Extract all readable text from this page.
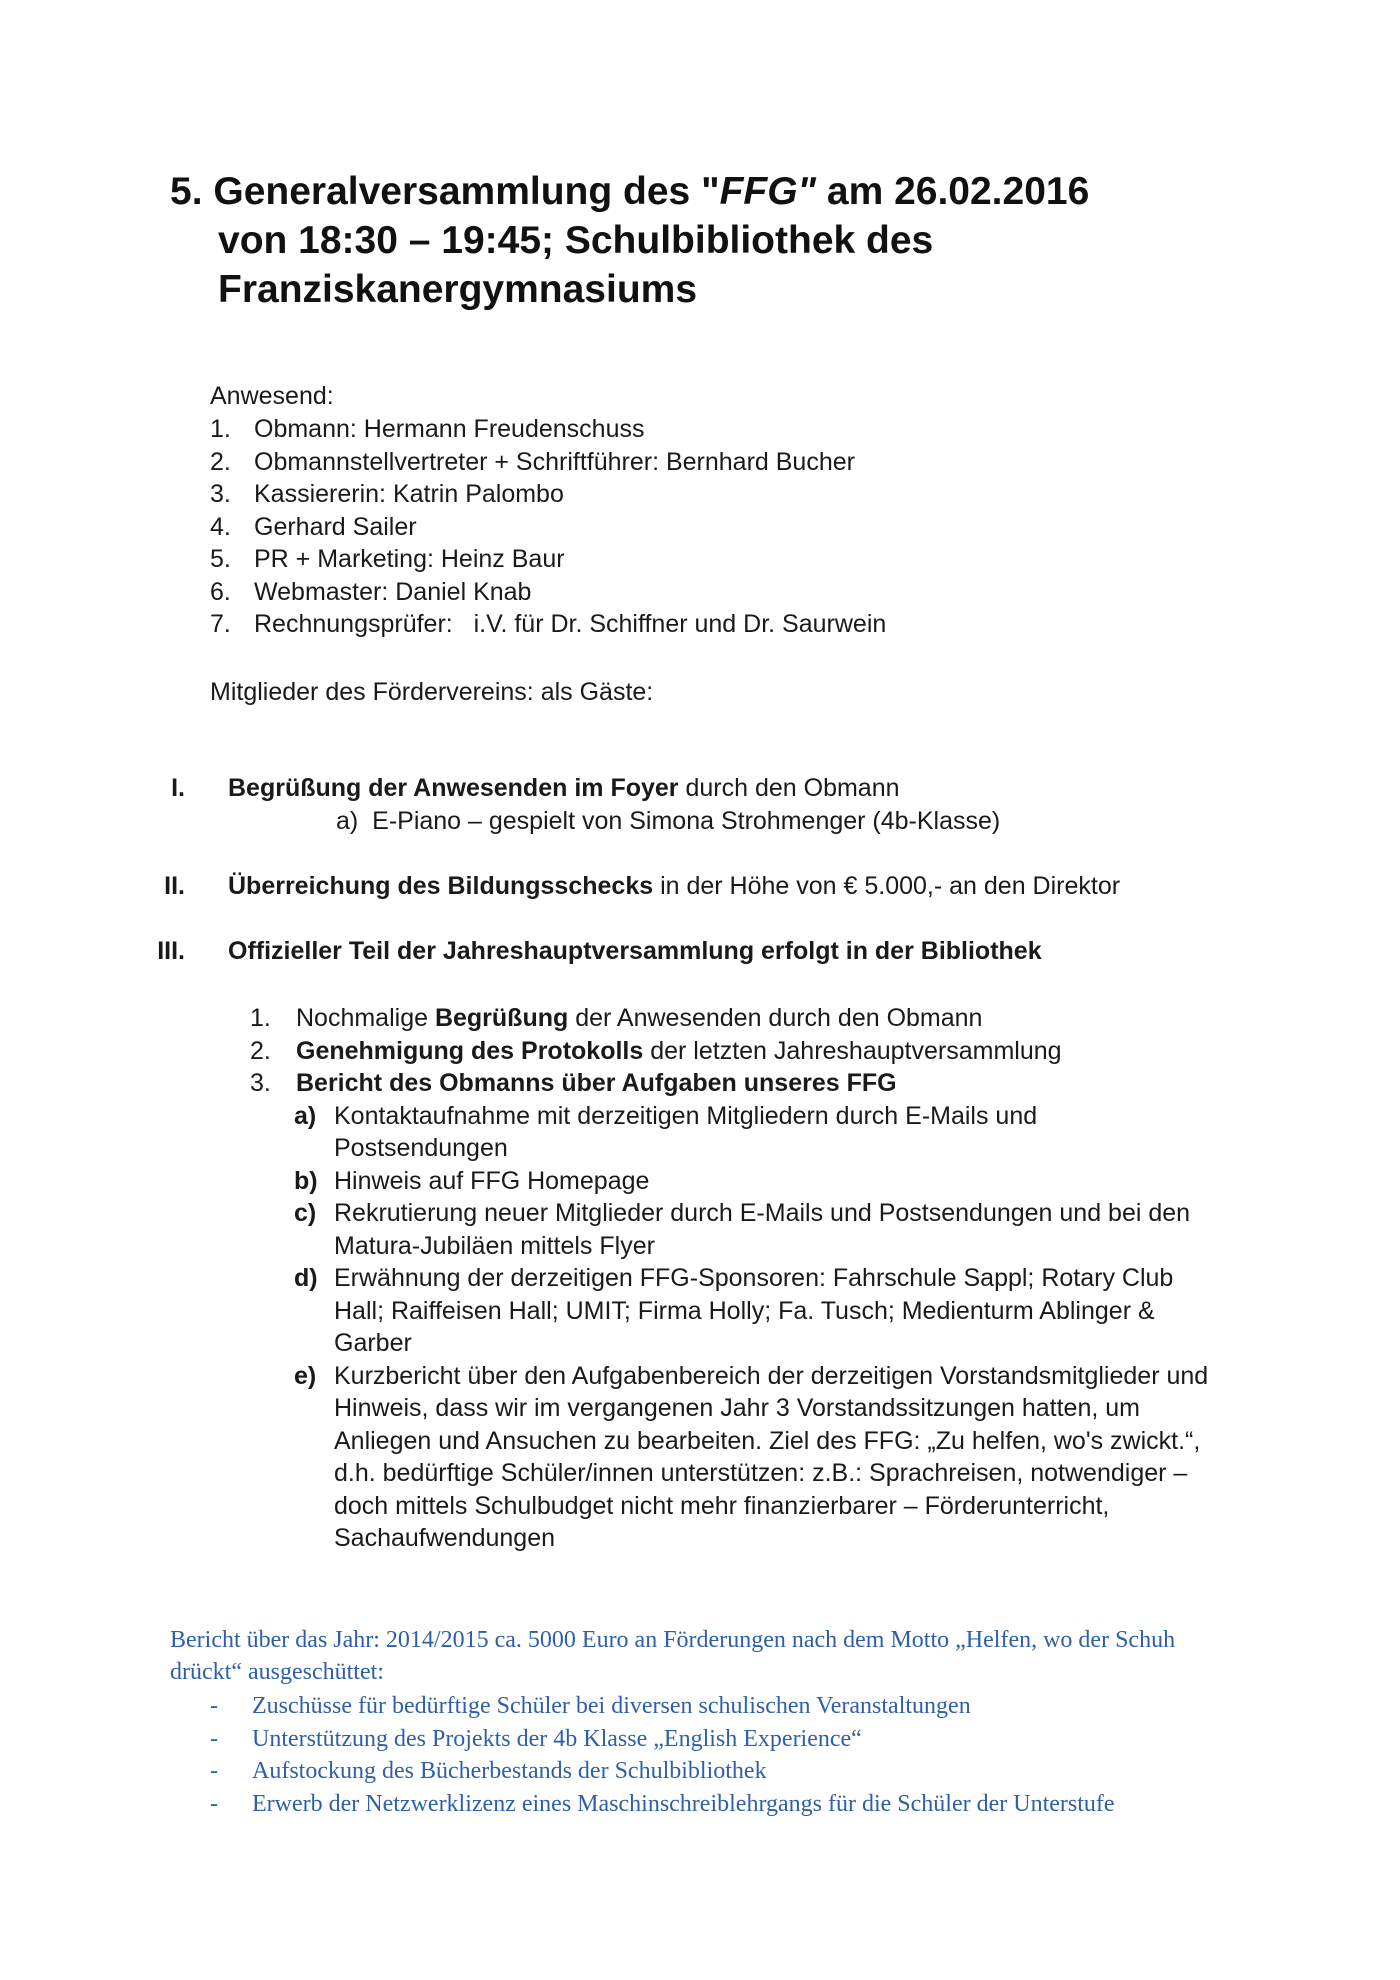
5. Generalversammlung des "FFG" am 26.02.2016
von 18:30 – 19:45; Schulbibliothek des
Franziskanergymnasiums
Anwesend:
1. Obmann: Hermann Freudenschuss
2. Obmannstellvertreter + Schriftführer: Bernhard Bucher
3. Kassiererin: Katrin Palombo
4. Gerhard Sailer
5. PR + Marketing: Heinz Baur
6. Webmaster: Daniel Knab
7. Rechnungsprüfer:   i.V. für Dr. Schiffner und Dr. Saurwein
Mitglieder des Fördervereins: als Gäste:
I. Begrüßung der Anwesenden im Foyer durch den Obmann
a) E-Piano – gespielt von Simona Strohmenger (4b-Klasse)
II. Überreichung des Bildungsschecks in der Höhe von € 5.000,- an den Direktor
III. Offizieller Teil der Jahreshauptversammlung erfolgt in der Bibliothek
1. Nochmalige Begrüßung der Anwesenden durch den Obmann
2. Genehmigung des Protokolls der letzten Jahreshauptversammlung
3. Bericht des Obmanns über Aufgaben unseres FFG
a) Kontaktaufnahme mit derzeitigen Mitgliedern durch E-Mails und Postsendungen
b) Hinweis auf FFG Homepage
c) Rekrutierung neuer Mitglieder durch E-Mails und Postsendungen und bei den Matura-Jubiläen mittels Flyer
d) Erwähnung der derzeitigen FFG-Sponsoren: Fahrschule Sappl; Rotary Club Hall; Raiffeisen Hall; UMIT; Firma Holly; Fa. Tusch; Medienturm Ablinger & Garber
e) Kurzbericht über den Aufgabenbereich der derzeitigen Vorstandsmitglieder und Hinweis, dass wir im vergangenen Jahr 3 Vorstandssitzungen hatten, um Anliegen und Ansuchen zu bearbeiten. Ziel des FFG: „Zu helfen, wo's zwickt.“, d.h. bedürftige Schüler/innen unterstützen: z.B.: Sprachreisen, notwendiger – doch mittels Schulbudget nicht mehr finanzierbarer – Förderunterricht, Sachaufwendungen
Bericht über das Jahr: 2014/2015 ca. 5000 Euro an Förderungen nach dem Motto „Helfen, wo der Schuh drückt“ ausgeschüttet:
- Zuschüsse für bedürftige Schüler bei diversen schulischen Veranstaltungen
- Unterstützung des Projekts der 4b Klasse „English Experience“
- Aufstockung des Bücherbestands der Schulbibliothek
- Erwerb der Netzwerklizenz eines Maschinschreiblehrgangs für die Schüler der Unterstufe
